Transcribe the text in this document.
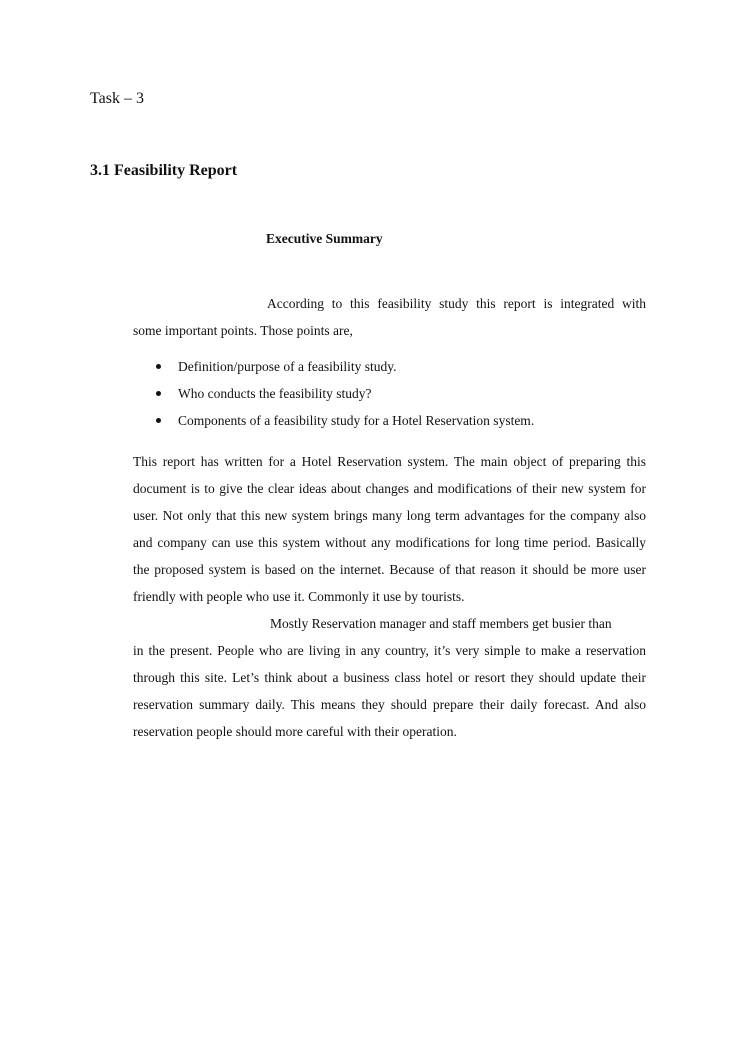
Task – 3
3.1 Feasibility Report
Executive Summary
According to this feasibility study this report is integrated with
some important points. Those points are,
Definition/purpose of a feasibility study.
Who conducts the feasibility study?
Components of a feasibility study for a Hotel Reservation system.
This report has written for a Hotel Reservation system. The main object of preparing this document is to give the clear ideas about changes and modifications of their new system for user. Not only that this new system brings many long term advantages for the company also and company can use this system without any modifications for long time period. Basically the proposed system is based on the internet. Because of that reason it should be more user friendly with people who use it. Commonly it use by tourists.
Mostly Reservation manager and staff members get busier than
in the present. People who are living in any country, it’s very simple to make a reservation through this site. Let’s think about a business class hotel or resort they should update their reservation summary daily. This means they should prepare their daily forecast. And also reservation people should more careful with their operation.
